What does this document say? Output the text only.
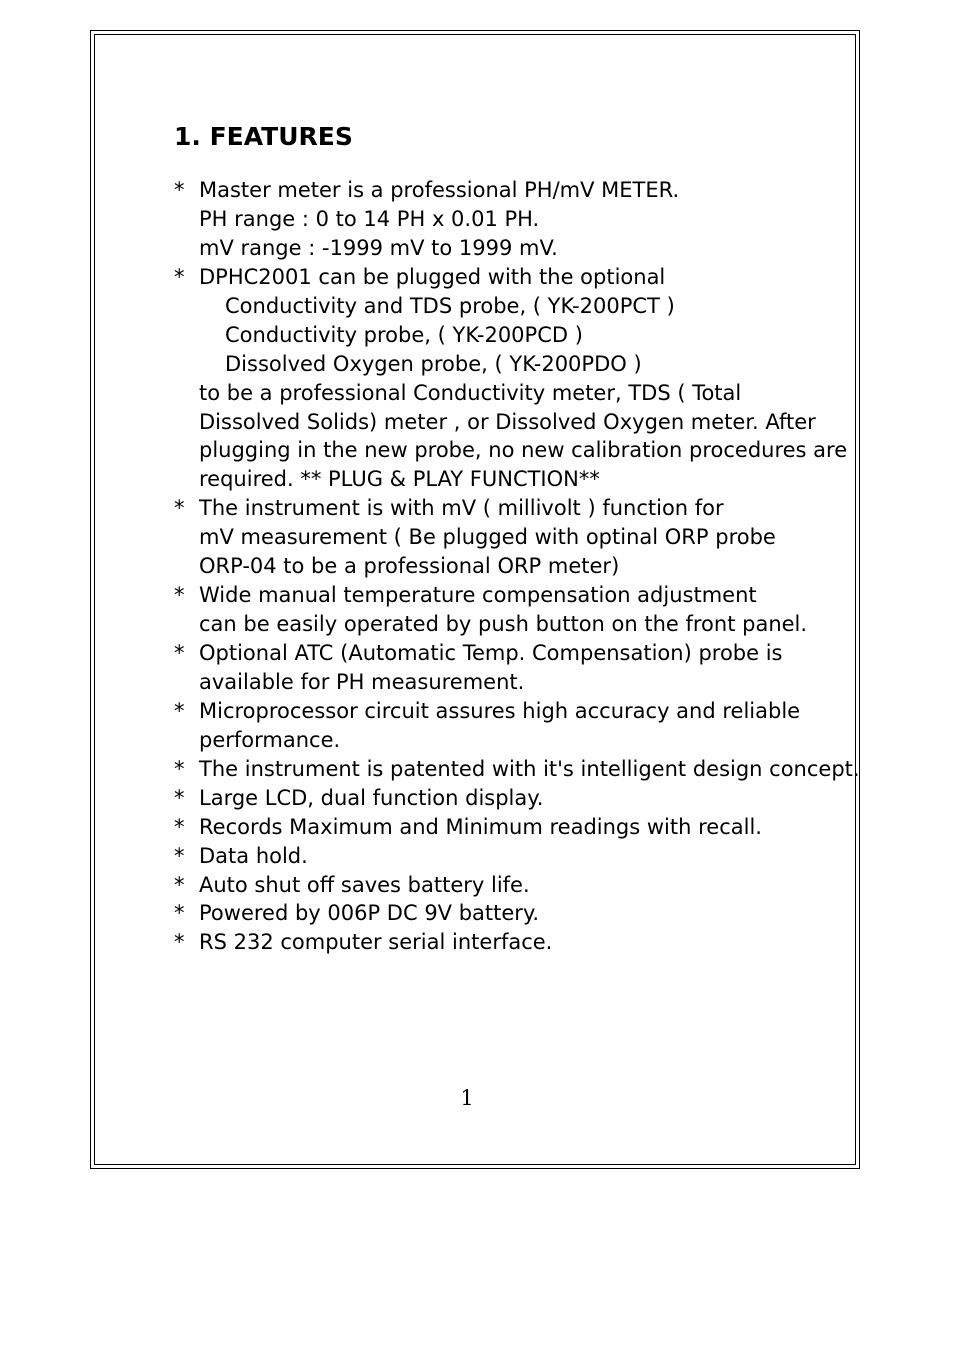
1. FEATURES
* Master meter is a professional PH/mV METER.
PH range : 0 to 14 PH x 0.01 PH.
mV range : -1999 mV to 1999 mV.
* DPHC2001 can be plugged with the optional
Conductivity and TDS probe, ( YK-200PCT )
Conductivity probe, ( YK-200PCD )
Dissolved Oxygen probe, ( YK-200PDO )
to be a professional Conductivity meter, TDS ( Total
Dissolved Solids) meter , or Dissolved Oxygen meter. After
plugging in the new probe, no new calibration procedures are
required. ** PLUG & PLAY FUNCTION**
* The instrument is with mV ( millivolt ) function for
mV measurement ( Be plugged with optinal ORP probe
ORP-04 to be a professional ORP meter)
* Wide manual temperature compensation adjustment
can be easily operated by push button on the front panel.
* Optional ATC (Automatic Temp. Compensation) probe is
available for PH measurement.
* Microprocessor circuit assures high accuracy and reliable
performance.
* The instrument is patented with it's intelligent design concept.
* Large LCD, dual function display.
* Records Maximum and Minimum readings with recall.
* Data hold.
* Auto shut off saves battery life.
* Powered by 006P DC 9V battery.
* RS 232 computer serial interface.
1
